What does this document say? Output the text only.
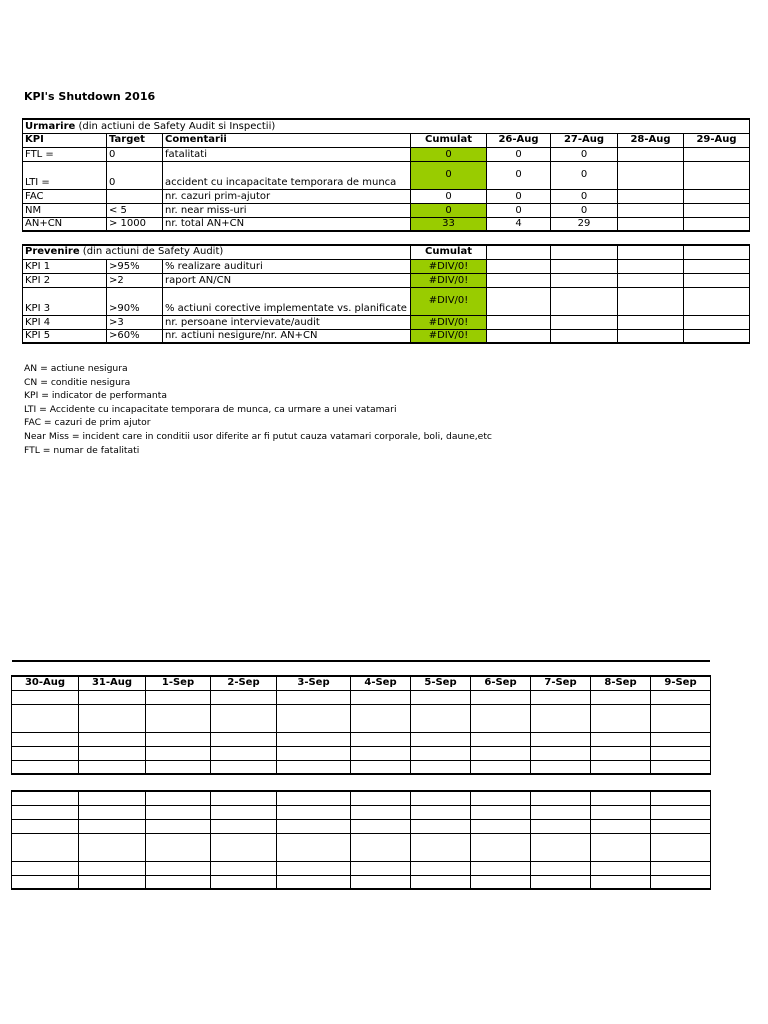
KPI's Shutdown 2016
Urmarire (din actiuni de Safety Audit si Inspectii)							
KPI	Target	Comentarii	Cumulat	26-Aug	27-Aug	28-Aug	29-Aug
FTL =	0	fatalitati	0	0	0		
LTI =	0	accident cu incapacitate temporara de munca	0	0	0		
FAC		nr. cazuri prim-ajutor	0	0	0		
NM	< 5	nr. near miss-uri	0	0	0		
AN+CN	> 1000	nr. total AN+CN	33	4	29		

Prevenire (din actiuni de Safety Audit)			Cumulat				
KPI 1	>95%	% realizare audituri	#DIV/0!				
KPI 2	>2	raport AN/CN	#DIV/0!				
KPI 3	>90%	% actiuni corective implementate vs. planificate	#DIV/0!				
KPI 4	>3	nr. persoane intervievate/audit	#DIV/0!				
KPI 5	>60%	nr. actiuni nesigure/nr. AN+CN	#DIV/0!				
AN = actiune nesigura
CN = conditie nesigura
KPI = indicator de performanta
LTI = Accidente cu incapacitate temporara de munca, ca urmare a unei vatamari
FAC = cazuri de prim ajutor
Near Miss = incident care in conditii usor diferite ar fi putut cauza vatamari corporale, boli, daune,etc
FTL = numar de fatalitati
30-Aug	31-Aug	1-Sep	2-Sep	3-Sep	4-Sep	5-Sep	6-Sep	7-Sep	8-Sep	9-Sep
